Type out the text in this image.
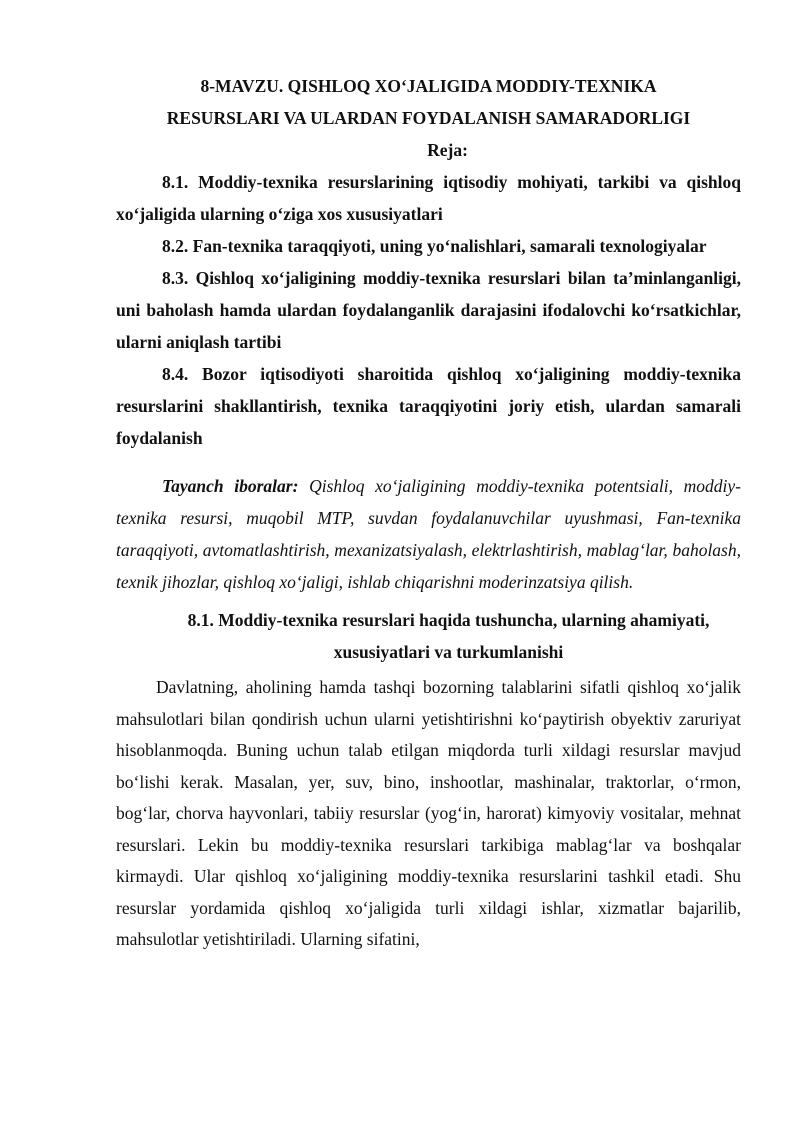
8-MAVZU. QISHLOQ XO‘JALIGIDA MODDIY-TEXNIKA
RESURSLARI VA ULARDAN FOYDALANISH SAMARADORLIGI

Reja:

8.1. Moddiy-texnika resurslarining iqtisodiy mohiyati, tarkibi va qishloq xo‘jaligida ularning o‘ziga xos xususiyatlari

8.2. Fan-texnika taraqqiyoti, uning yo‘nalishlari, samarali texnologiyalar

8.3. Qishloq xo‘jaligining moddiy-texnika resurslari bilan ta’minlanganligi, uni baholash hamda ulardan foydalanganlik darajasini ifodalovchi ko‘rsatkichlar, ularni aniqlash tartibi

8.4. Bozor iqtisodiyoti sharoitida qishloq xo‘jaligining moddiy-texnika resurslarini shakllantirish, texnika taraqqiyotini joriy etish, ulardan samarali foydalanish

Tayanch iboralar: Qishloq xo‘jaligining moddiy-texnika potentsiali, moddiy-texnika resursi, muqobil MTP, suvdan foydalanuvchilar uyushmasi, Fan-texnika taraqqiyoti, avtomatlashtirish, mexanizatsiyalash, elektrlashtirish, mablag‘lar, baholash, texnik jihozlar, qishloq xo‘jaligi, ishlab chiqarishni moderinzatsiya qilish.

8.1. Moddiy-texnika resurslari haqida tushuncha, ularning ahamiyati,
xususiyatlari va turkumlanishi

Davlatning, aholining hamda tashqi bozorning talablarini sifatli qishloq xo‘jalik mahsulotlari bilan qondirish uchun ularni yetishtirishni ko‘paytirish obyektiv zaruriyat hisoblanmoqda. Buning uchun talab etilgan miqdorda turli xildagi resurslar mavjud bo‘lishi kerak. Masalan, yer, suv, bino, inshootlar, mashinalar, traktorlar, o‘rmon, bog‘lar, chorva hayvonlari, tabiiy resurslar (yog‘in, harorat) kimyoviy vositalar, mehnat resurslari. Lekin bu moddiy-texnika resurslari tarkibiga mablag‘lar va boshqalar kirmaydi. Ular qishloq xo‘jaligining moddiy-texnika resurslarini tashkil etadi. Shu resurslar yordamida qishloq xo‘jaligida turli xildagi ishlar, xizmatlar bajarilib, mahsulotlar yetishtiriladi. Ularning sifatini,
